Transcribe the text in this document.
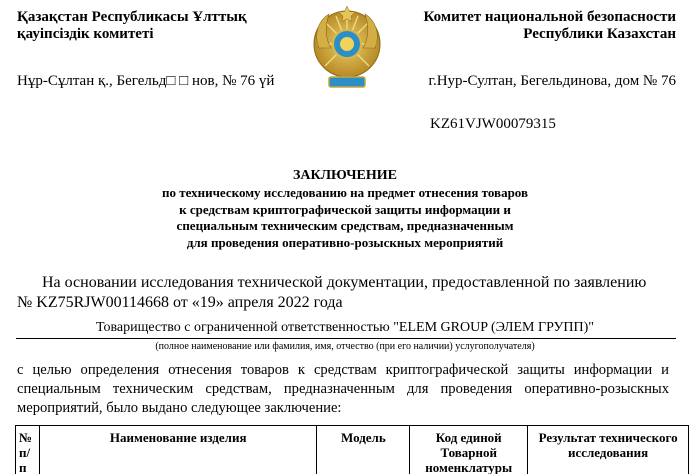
Қазақстан Республикасы Ұлттық
қауіпсіздік комитеті
Комитет национальной безопасности
Республики Казахстан
Нұр-Сұлтан қ., Бегельд□ □ нов, № 76 үй	г.Нур-Султан, Бегельдинова, дом № 76
KZ61VJW00079315
ЗАКЛЮЧЕНИЕ
по техническому исследованию на предмет отнесения товаров
к средствам криптографической защиты информации и
специальным техническим средствам, предназначенным
для проведения оперативно-розыскных мероприятий
На основании исследования технической документации, предоставленной по заявлению
№ KZ75RJW00114668 от «19» апреля 2022 года
Товарищество с ограниченной ответственностью "ELEM GROUP (ЭЛЕМ ГРУПП)"
(полное наименование или фамилия, имя, отчество (при его наличии) услугополучателя)
с целью определения отнесения товаров к средствам криптографической защиты информации и
специальным техническим средствам, предназначенным для проведения оперативно-розыскных
мероприятий, было выдано следующее заключение:
№ п/п	Наименование изделия	Модель	Код единой Товарной номенклатуры	Результат технического исследования
